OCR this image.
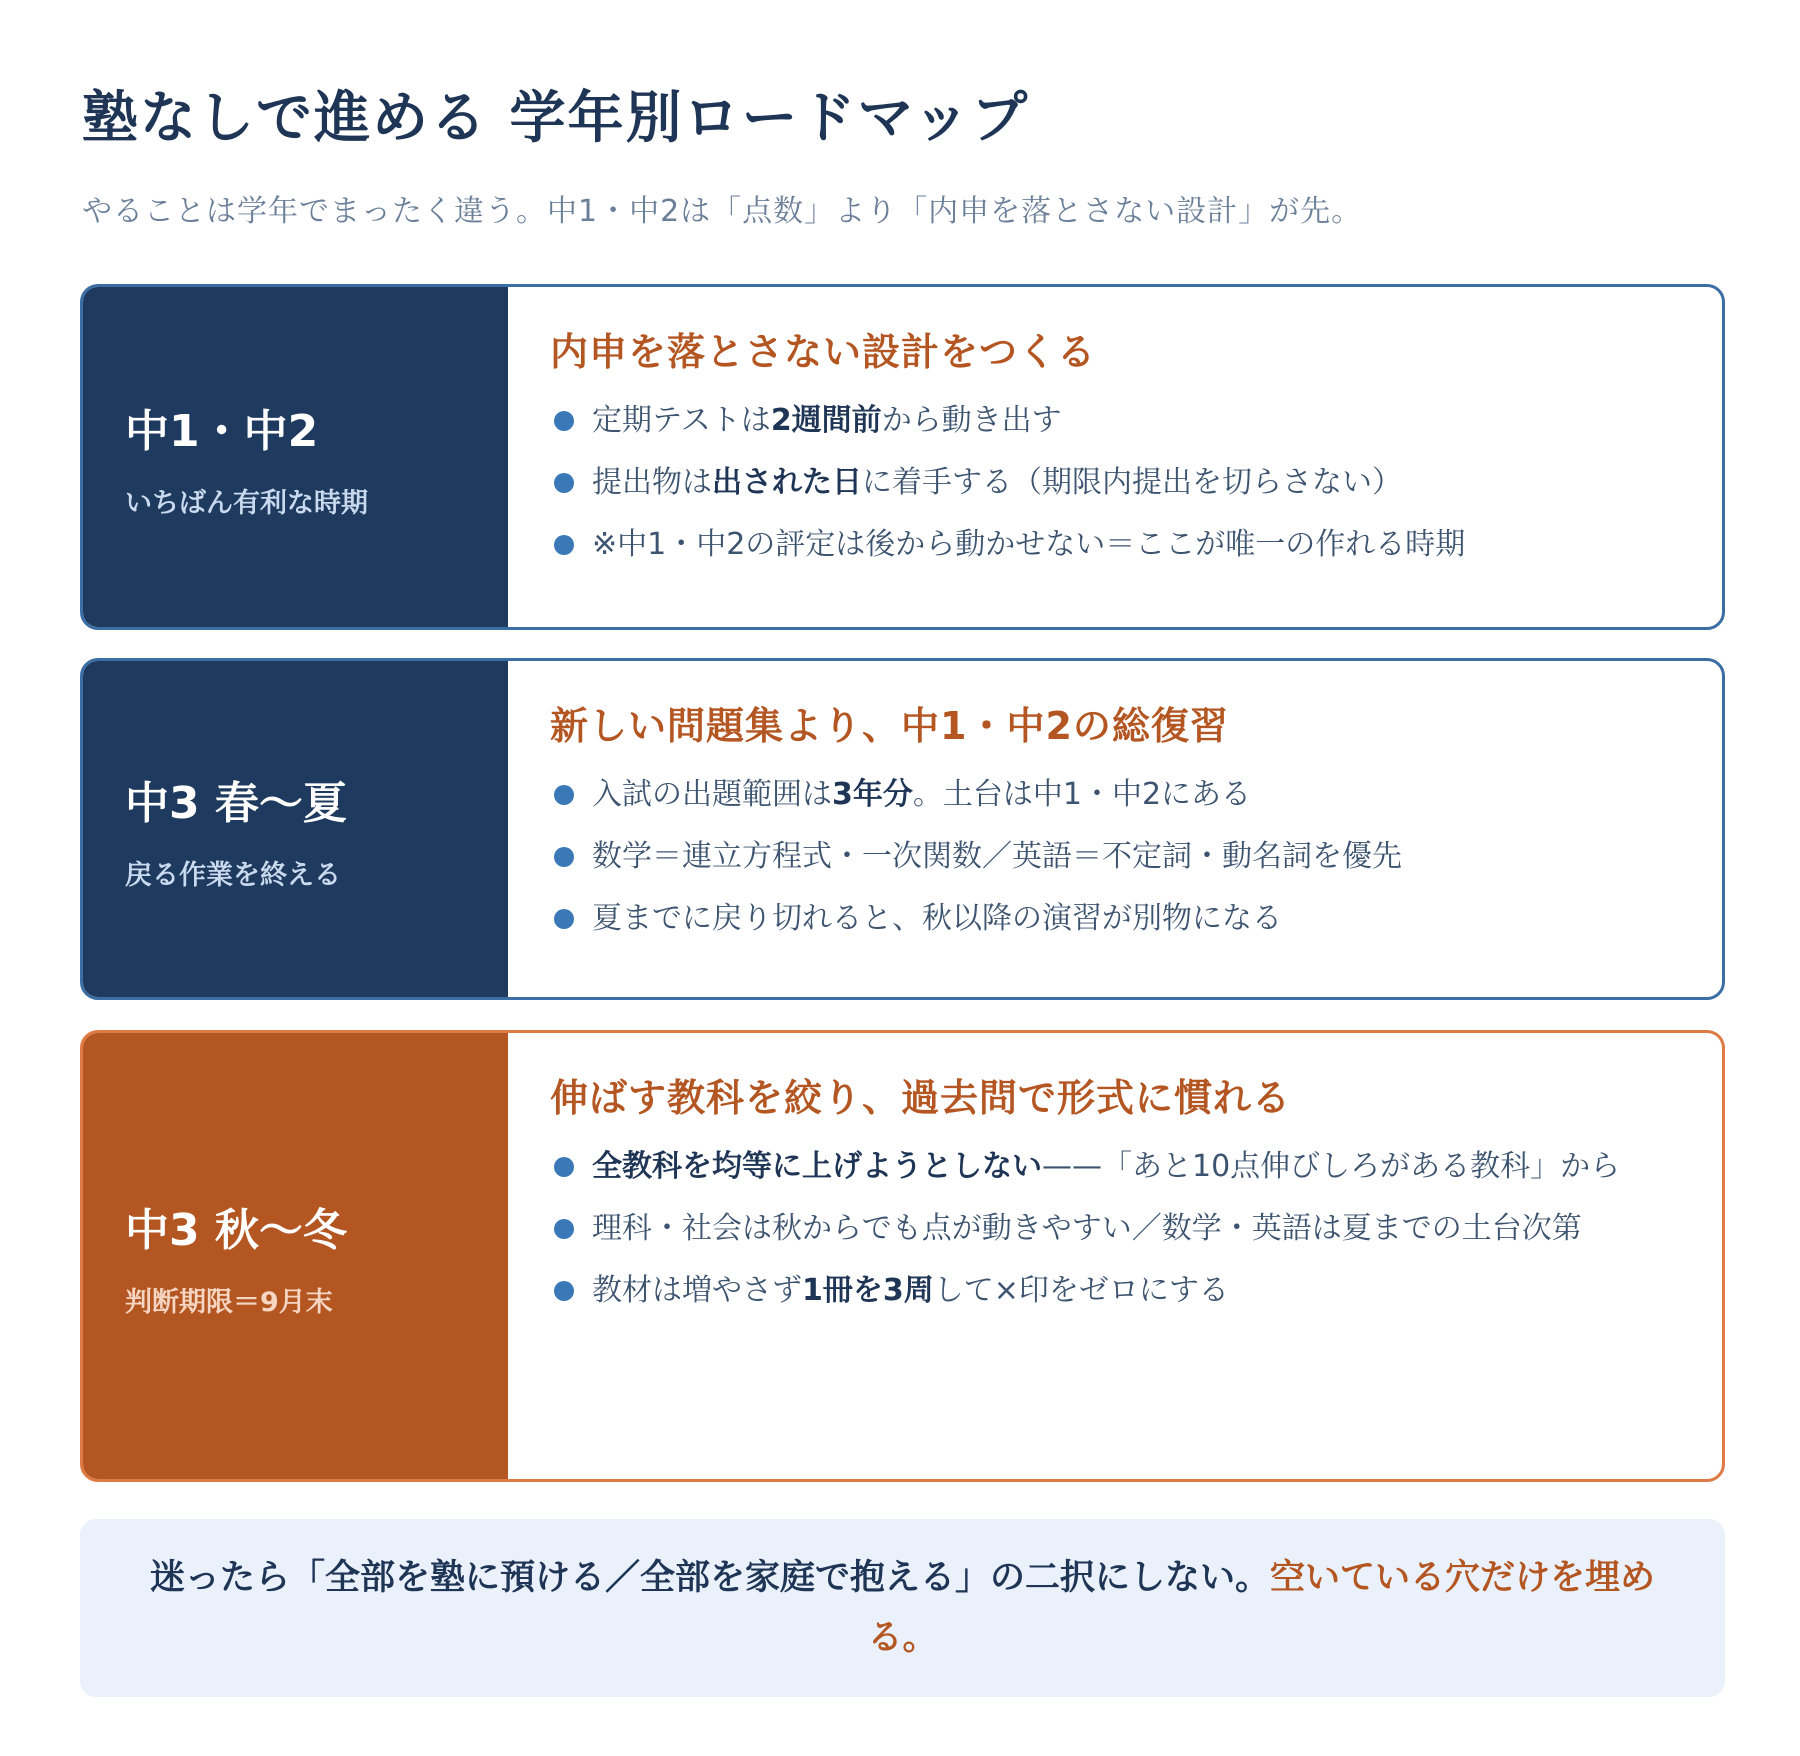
塾なしで進める 学年別ロードマップ
やることは学年でまったく違う。中1・中2は「点数」より「内申を落とさない設計」が先。
中1・中2
いちばん有利な時期
内申を落とさない設計をつくる
定期テストは2週間前から動き出す
提出物は出された日に着手する（期限内提出を切らさない）
※中1・中2の評定は後から動かせない＝ここが唯一の作れる時期
中3 春〜夏
戻る作業を終える
新しい問題集より、中1・中2の総復習
入試の出題範囲は3年分。土台は中1・中2にある
数学＝連立方程式・一次関数／英語＝不定詞・動名詞を優先
夏までに戻り切れると、秋以降の演習が別物になる
中3 秋〜冬
判断期限＝9月末
伸ばす教科を絞り、過去問で形式に慣れる
全教科を均等に上げようとしない——「あと10点伸びしろがある教科」から
理科・社会は秋からでも点が動きやすい／数学・英語は夏までの土台次第
教材は増やさず1冊を3周して×印をゼロにする
迷ったら「全部を塾に預ける／全部を家庭で抱える」の二択にしない。空いている穴だけを埋める。
